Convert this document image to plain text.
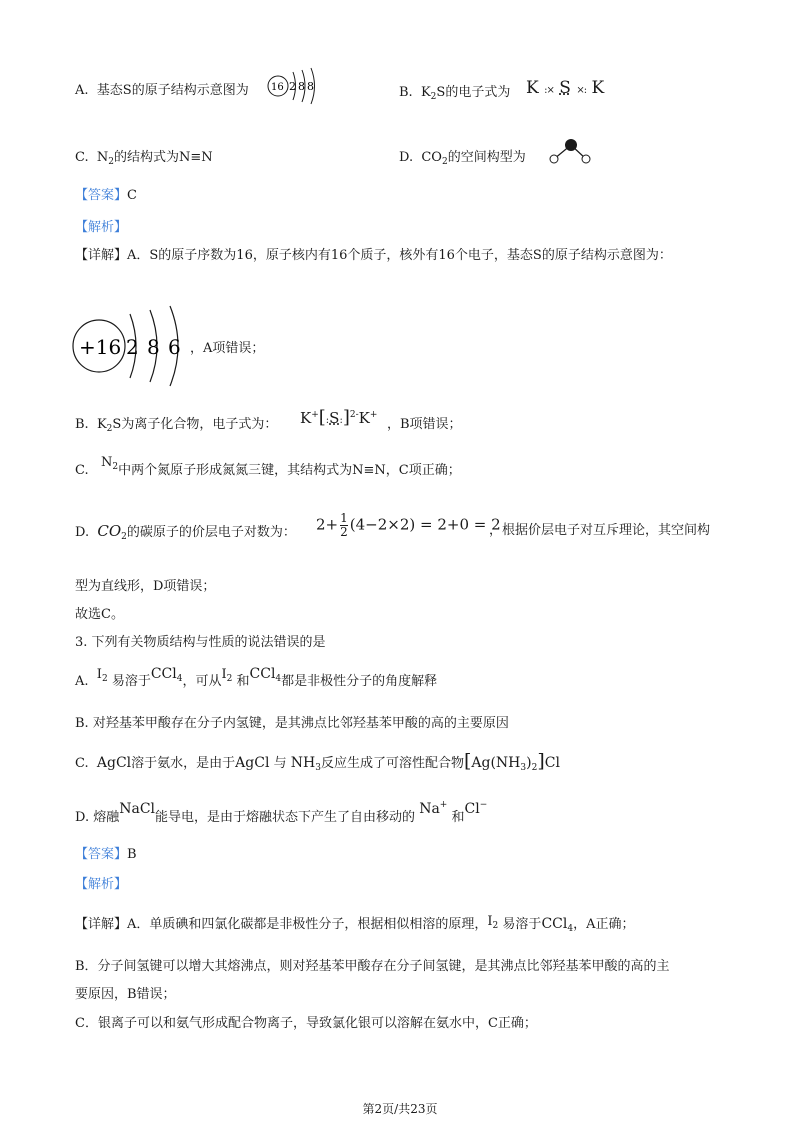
A. 基态S的原子结构示意图为 16 2 8 8	B. $K_2S$的电子式为 K :× S ×: K
C. $N_2$的结构式为N≡N	D. $CO_2$的空间构型为
【答案】C
【解析】
【详解】A．S的原子序数为16，原子核内有16个质子，核外有16个电子，基态S的原子结构示意图为：
+16 2 8 6 ，A项错误；
B. $K_2S$为离子化合物，电子式为： K+[:S:]$^{2-}$K+
，B项错误；
C.   $N^2$中两个氮原子形成氮氮三键，其结构式为N≡N，C项正确；
D. $CO_2$的碳原子的价层电子对数为： $2+ \frac{1}{2} (4-2\times 2) = 2+0 = 2$
，根据价层电子对互斥理论，其空间构
型为直线形，D项错误；
故选C。
3. 下列有关物质结构与性质的说法错误的是
A. $I_2$ 易溶于CCl$_4$，可从$I_2$ 和CCl$_4$都是非极性分子的角度解释
B. 对羟基苯甲酸存在分子内氢键，是其沸点比邻羟基苯甲酸的高的主要原因
C. AgCl溶于氨水，是由于AgCl 与 $NH_3$反应生成了可溶性配合物$[Ag(NH_3)_2]Cl$
D. 熔融NaCl能导电，是由于熔融状态下产生了自由移动的 Na+ 和Cl−
【答案】B
【解析】
【详解】A．单质碘和四氯化碳都是非极性分子，根据相似相溶的原理，$I_2$ 易溶于CCl$_4$，A正确；
B．分子间氢键可以增大其熔沸点，则对羟基苯甲酸存在分子间氢键，是其沸点比邻羟基苯甲酸的高的主
要原因，B错误；
C．银离子可以和氨气形成配合物离子，导致氯化银可以溶解在氨水中，C正确；
第2页/共23页
